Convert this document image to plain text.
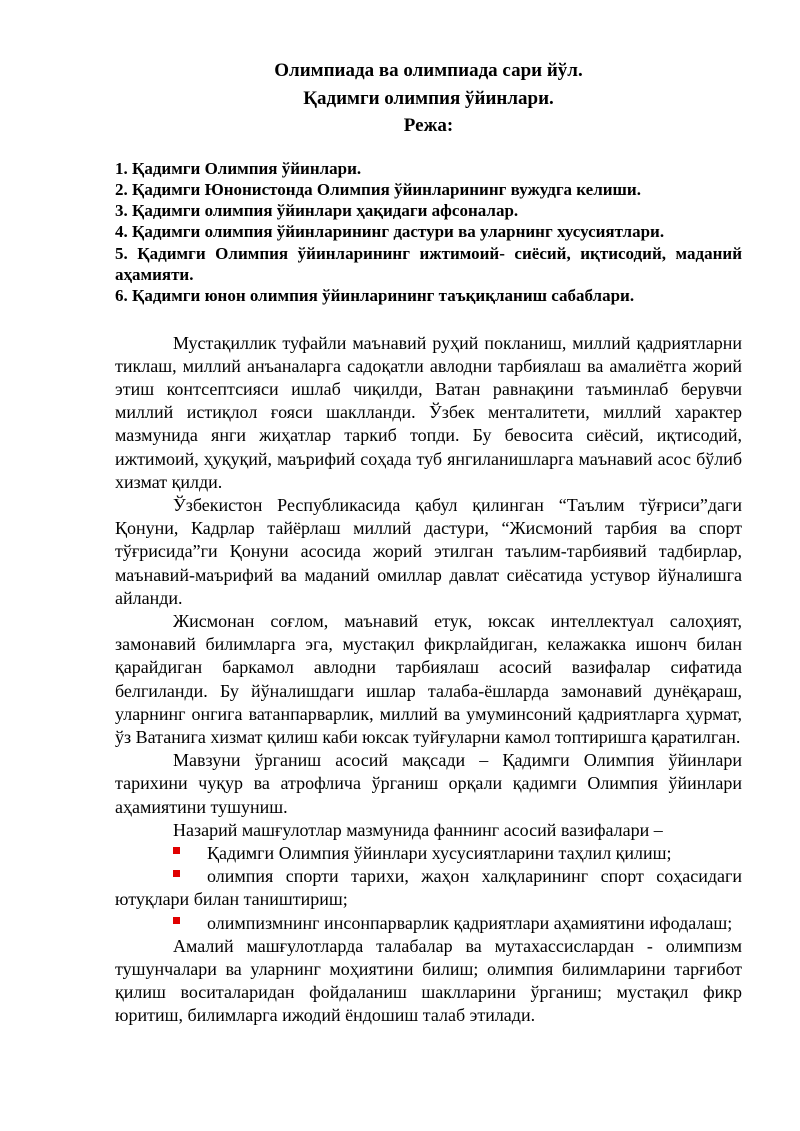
Олимпиада ва олимпиада сари йўл.
Қадимги олимпия ўйинлари.
Режа:

1. Қадимги Олимпия ўйинлари.

2. Қадимги Юнонистонда Олимпия ўйинларининг вужудга келиши.

3. Қадимги олимпия ўйинлари ҳақидаги афсоналар.

4. Қадимги олимпия ўйинларининг дастури ва уларнинг хусусиятлари.

5. Қадимги Олимпия ўйинларининг ижтимоий- сиёсий, иқтисодий, маданий аҳамияти.

6. Қадимги юнон олимпия ўйинларининг таъқиқланиш сабаблари.

Мустақиллик туфайли маънавий руҳий покланиш, миллий қадриятларни тиклаш, миллий анъаналарга садоқатли авлодни тарбиялаш ва амалиётга жорий этиш контсептсияси ишлаб чиқилди, Ватан равнақини таъминлаб берувчи миллий истиқлол ғояси шаклланди. Ўзбек менталитети, миллий характер мазмунида янги жиҳатлар таркиб топди. Бу бевосита сиёсий, иқтисодий, ижтимоий, ҳуқуқий, маърифий соҳада туб янгиланишларга маънавий асос бўлиб хизмат қилди.

Ўзбекистон Республикасида қабул қилинган “Таълим тўғриси”даги Қонуни, Кадрлар тайёрлаш миллий дастури, “Жисмоний тарбия ва спорт тўғрисида”ги Қонуни асосида жорий этилган таълим-тарбиявий тадбирлар, маънавий-маърифий ва маданий омиллар давлат сиёсатида устувор йўналишга айланди.

Жисмонан соғлом, маънавий етук, юксак интеллектуал салоҳият, замонавий билимларга эга, мустақил фикрлайдиган, келажакка ишонч билан қарайдиган баркамол авлодни тарбиялаш асосий вазифалар сифатида белгиланди. Бу йўналишдаги ишлар талаба-ёшларда замонавий дунёқараш, уларнинг онгига ватанпарварлик, миллий ва умуминсоний қадриятларга ҳурмат, ўз Ватанига хизмат қилиш каби юксак туйғуларни камол топтиришга қаратилган.

Мавзуни ўрганиш асосий мақсади – Қадимги Олимпия ўйинлари тарихини чуқур ва атрофлича ўрганиш орқали қадимги Олимпия ўйинлари аҳамиятини тушуниш.

Назарий машғулотлар мазмунида фаннинг асосий вазифалари –

Қадимги Олимпия ўйинлари хусусиятларини таҳлил қилиш;
олимпия спорти тарихи, жаҳон халқларининг спорт соҳасидаги ютуқлари билан таништириш;
олимпизмнинг инсонпарварлик қадриятлари аҳамиятини ифодалаш;

Амалий машғулотларда талабалар ва мутахассислардан - олимпизм тушунчалари ва уларнинг моҳиятини билиш; олимпия билимларини тарғибот қилиш воситаларидан фойдаланиш шаклларини ўрганиш; мустақил фикр юритиш, билимларга ижодий ёндошиш талаб этилади.
